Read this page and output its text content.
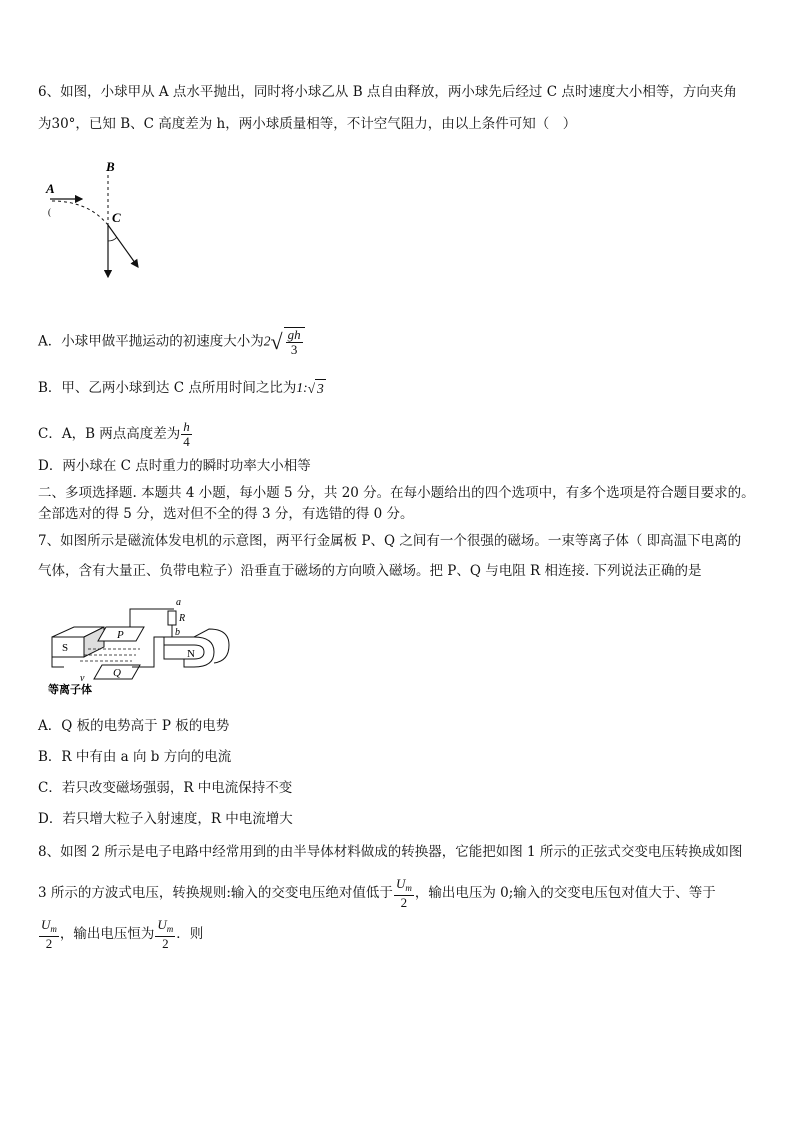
6、如图，小球甲从 A 点水平抛出，同时将小球乙从 B 点自由释放，两小球先后经过 C 点时速度大小相等，方向夹角
为30°，已知 B、C 高度差为 h，两小球质量相等，不计空气阻力，由以上条件可知（　）
A
B
C
(
A．小球甲做平抛运动的初速度大小为$2√ \frac{gh}{3}$
B．甲、乙两小球到达 C 点所用时间之比为1:√ 3
C．A，B 两点高度差为 $\frac{h}{4}$
D．两小球在 C 点时重力的瞬时功率大小相等
二、多项选择题. 本题共 4 小题，每小题 5 分，共 20 分。在每小题给出的四个选项中，有多个选项是符合题目要求的。
全部选对的得 5 分，选对但不全的得 3 分，有选错的得 0 分。
7、如图所示是磁流体发电机的示意图，两平行金属板 P、Q 之间有一个很强的磁场。一束等离子体（ 即高温下电离的
气体，含有大量正、负带电粒子）沿垂直于磁场的方向喷入磁场。把 P、Q 与电阻 R 相连接. 下列说法正确的是
a
R
b
S
P
Q
N
v
等离子体
A．Q 板的电势高于 P 板的电势
B．R 中有由 a 向 b 方向的电流
C．若只改变磁场强弱，R 中电流保持不变
D．若只增大粒子入射速度，R 中电流增大
8、如图 2 所示是电子电路中经常用到的由半导体材料做成的转换器，它能把如图 1 所示的正弦式交变电压转换成如图
3 所示的方波式电压，转换规则:输入的交变电压绝对值低于 $\frac{U_m}{2}$ ，输出电压为 0;输入的交变电压包对值大于、等于
$\frac{U_m}{2}$ ，输出电压恒为 $\frac{U_m}{2}$ ．则
